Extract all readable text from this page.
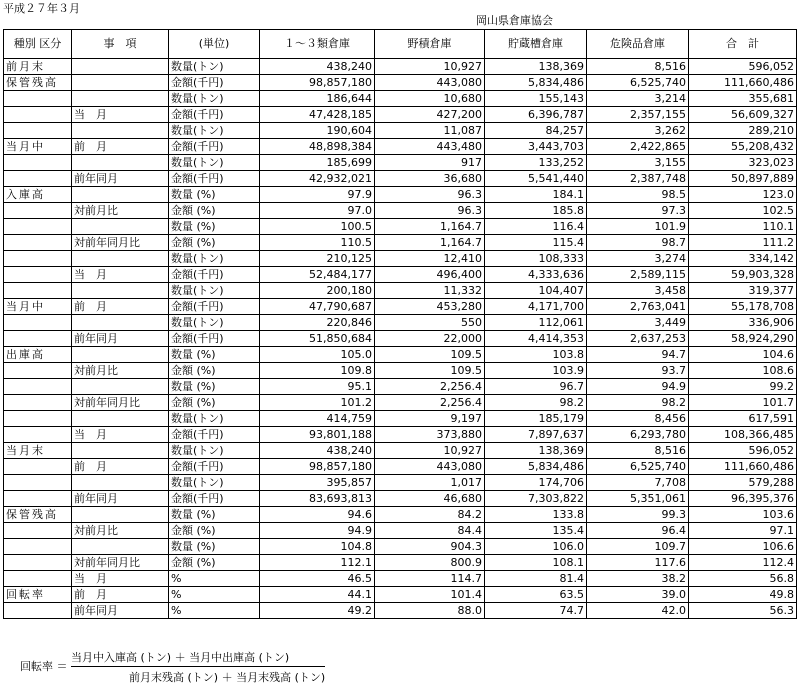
平成２７年３月
岡山県倉庫協会
種別 区分	事　項	(単位)	１～３類倉庫	野積倉庫	貯蔵槽倉庫	危険品倉庫	合　計
前月末		数量(トン)	438,240	10,927	138,369	8,516	596,052
保管残高		金額(千円)	98,857,180	443,080	5,834,486	6,525,740	111,660,486
		数量(トン)	186,644	10,680	155,143	3,214	355,681
	当　月	金額(千円)	47,428,185	427,200	6,396,787	2,357,155	56,609,327
		数量(トン)	190,604	11,087	84,257	3,262	289,210
当月中	前　月	金額(千円)	48,898,384	443,480	3,443,703	2,422,865	55,208,432
		数量(トン)	185,699	917	133,252	3,155	323,023
	前年同月	金額(千円)	42,932,021	36,680	5,541,440	2,387,748	50,897,889
入庫高		数量 (%)	97.9	96.3	184.1	98.5	123.0
	対前月比	金額 (%)	97.0	96.3	185.8	97.3	102.5
		数量 (%)	100.5	1,164.7	116.4	101.9	110.1
	対前年同月比	金額 (%)	110.5	1,164.7	115.4	98.7	111.2
		数量(トン)	210,125	12,410	108,333	3,274	334,142
	当　月	金額(千円)	52,484,177	496,400	4,333,636	2,589,115	59,903,328
		数量(トン)	200,180	11,332	104,407	3,458	319,377
当月中	前　月	金額(千円)	47,790,687	453,280	4,171,700	2,763,041	55,178,708
		数量(トン)	220,846	550	112,061	3,449	336,906
	前年同月	金額(千円)	51,850,684	22,000	4,414,353	2,637,253	58,924,290
出庫高		数量 (%)	105.0	109.5	103.8	94.7	104.6
	対前月比	金額 (%)	109.8	109.5	103.9	93.7	108.6
		数量 (%)	95.1	2,256.4	96.7	94.9	99.2
	対前年同月比	金額 (%)	101.2	2,256.4	98.2	98.2	101.7
		数量(トン)	414,759	9,197	185,179	8,456	617,591
	当　月	金額(千円)	93,801,188	373,880	7,897,637	6,293,780	108,366,485
当月末		数量(トン)	438,240	10,927	138,369	8,516	596,052
	前　月	金額(千円)	98,857,180	443,080	5,834,486	6,525,740	111,660,486
		数量(トン)	395,857	1,017	174,706	7,708	579,288
	前年同月	金額(千円)	83,693,813	46,680	7,303,822	5,351,061	96,395,376
保管残高		数量 (%)	94.6	84.2	133.8	99.3	103.6
	対前月比	金額 (%)	94.9	84.4	135.4	96.4	97.1
		数量 (%)	104.8	904.3	106.0	109.7	106.6
	対前年同月比	金額 (%)	112.1	800.9	108.1	117.6	112.4
	当　月	%	46.5	114.7	81.4	38.2	56.8
回転率	前　月	%	44.1	101.4	63.5	39.0	49.8
	前年同月	%	49.2	88.0	74.7	42.0	56.3
回転率 ＝ $\frac{\text{当月中入庫高 (トン) ＋ 当月中出庫高 (トン)}}{\text{前月末残高 (トン) ＋ 当月末残高 (トン)}}$
